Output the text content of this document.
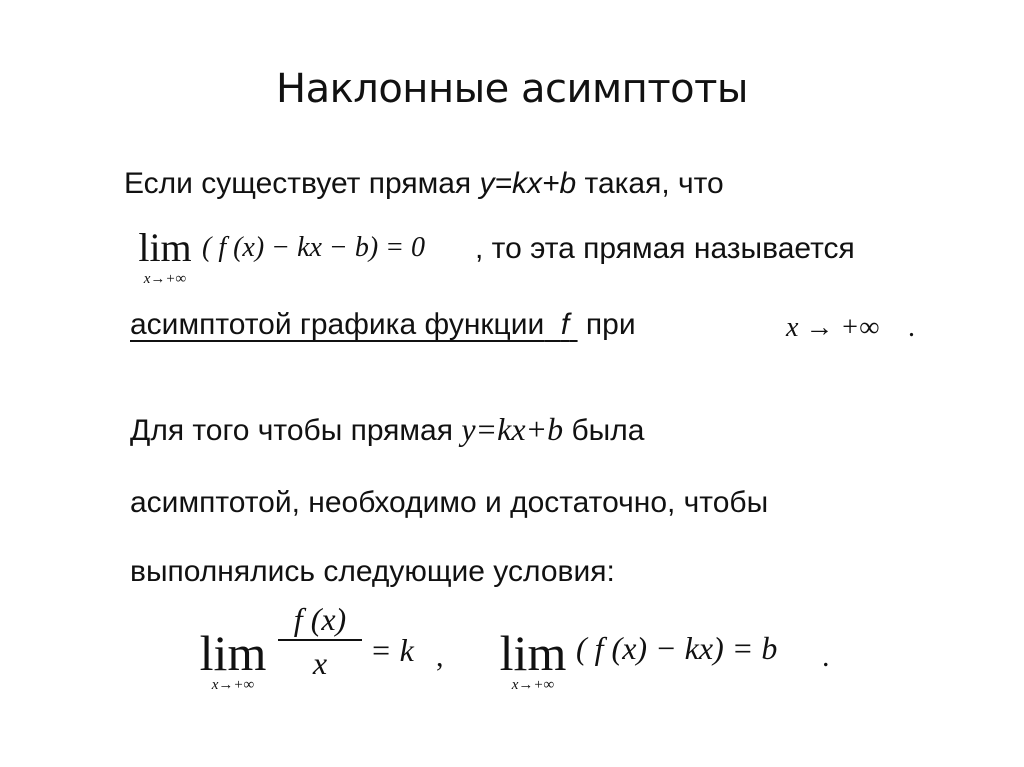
Наклонные асимптоты
Если существует прямая y=kx+b такая, что
lim
x→+∞
( f (x) − kx − b) = 0 , то эта прямая называется
асимптотой графика функции f при	x → +∞ .
Для того чтобы прямая y=kx+b была
асимптотой, необходимо и достаточно, чтобы
выполнялись следующие условия:
lim
x→+∞
f (x)
x	= k , lim
x→+∞
( f (x) − kx) = b .
